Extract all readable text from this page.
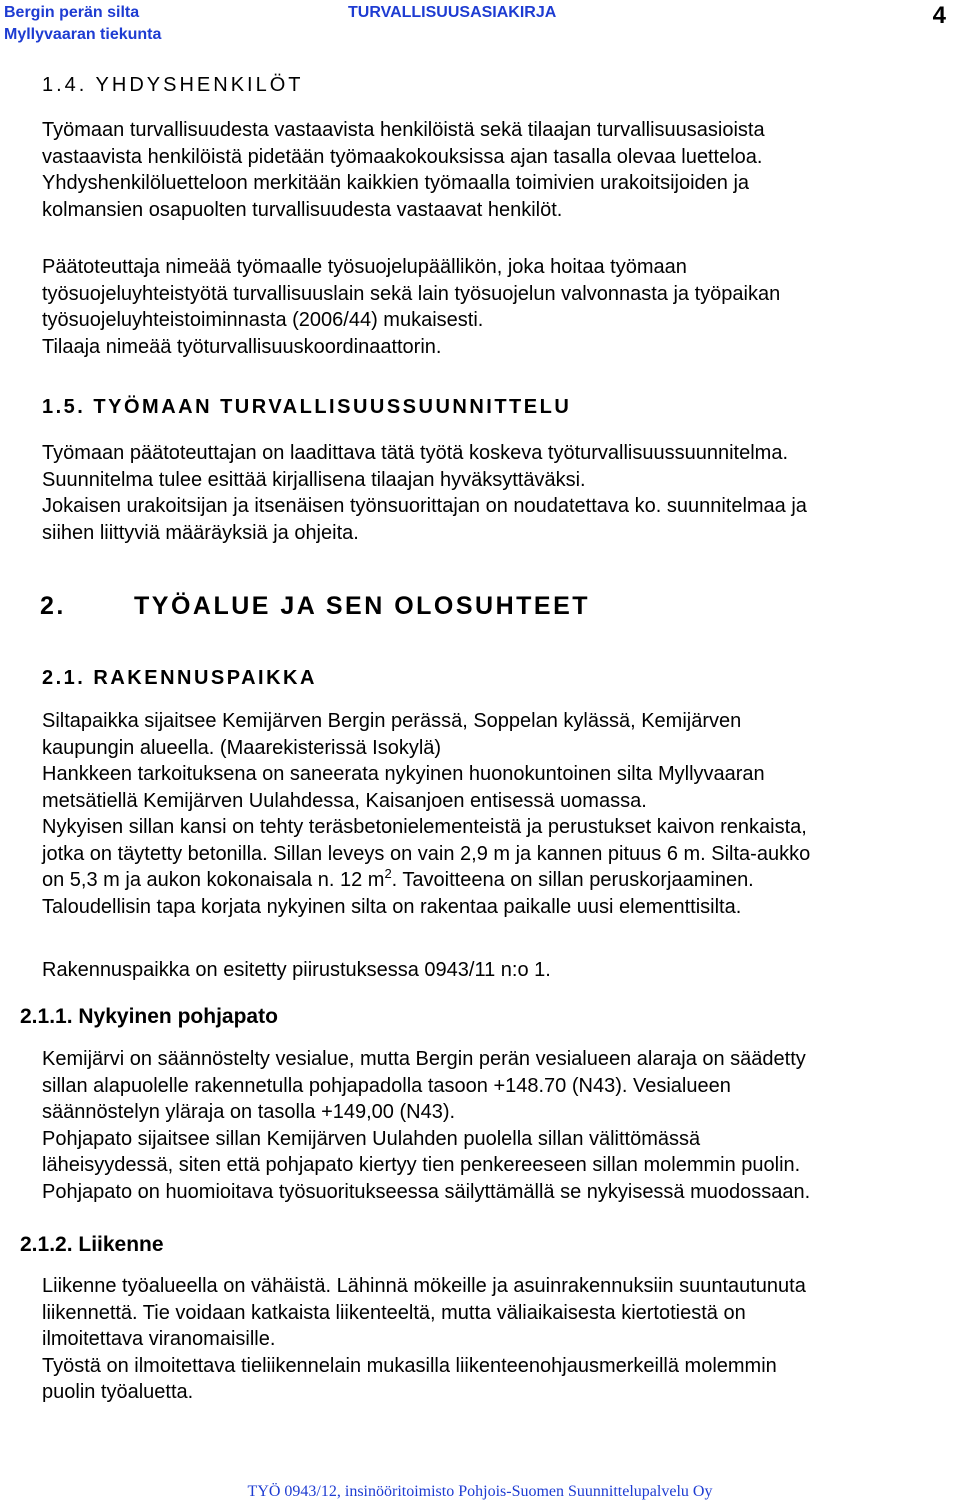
Bergin perän silta
Myllyvaaran tiekunta
TURVALLISUUSASIAKIRJA	4
1.4. YHDYSHENKILÖT
Työmaan turvallisuudesta vastaavista henkilöistä sekä tilaajan turvallisuusasioista
vastaavista henkilöistä pidetään työmaakokouksissa ajan tasalla olevaa luetteloa.
Yhdyshenkilöluetteloon merkitään kaikkien työmaalla toimivien urakoitsijoiden ja
kolmansien osapuolten turvallisuudesta vastaavat henkilöt.
Päätoteuttaja nimeää työmaalle työsuojelupäällikön, joka hoitaa työmaan
työsuojeluyhteistyötä turvallisuuslain sekä lain työsuojelun valvonnasta ja työpaikan
työsuojeluyhteistoiminnasta (2006/44) mukaisesti.
Tilaaja nimeää työturvallisuuskoordinaattorin.
1.5. TYÖMAAN TURVALLISUUSSUUNNITTELU
Työmaan päätoteuttajan on laadittava tätä työtä koskeva työturvallisuussuunnitelma.
Suunnitelma tulee esittää kirjallisena tilaajan hyväksyttäväksi.
Jokaisen urakoitsijan ja itsenäisen työnsuorittajan on noudatettava ko. suunnitelmaa ja
siihen liittyviä määräyksiä ja ohjeita.
2.	TYÖALUE JA SEN OLOSUHTEET
2.1. RAKENNUSPAIKKA
Siltapaikka sijaitsee Kemijärven Bergin perässä, Soppelan kylässä, Kemijärven
kaupungin alueella. (Maarekisterissä Isokylä)
Hankkeen tarkoituksena on saneerata nykyinen huonokuntoinen silta Myllyvaaran
metsätiellä Kemijärven Uulahdessa, Kaisanjoen entisessä uomassa.
Nykyisen sillan kansi on tehty teräsbetonielementeistä ja perustukset kaivon renkaista,
jotka on täytetty betonilla. Sillan leveys on vain 2,9 m ja kannen pituus 6 m. Silta-aukko
on 5,3 m ja aukon kokonaisala n. 12 $m^2$. Tavoitteena on sillan peruskorjaaminen.
Taloudellisin tapa korjata nykyinen silta on rakentaa paikalle uusi elementtisilta.
Rakennuspaikka on esitetty piirustuksessa 0943/11 n:o 1.
2.1.1. Nykyinen pohjapato
Kemijärvi on säännöstelty vesialue, mutta Bergin perän vesialueen alaraja on säädetty
sillan alapuolelle rakennetulla pohjapadolla tasoon +148.70 (N43). Vesialueen
säännöstelyn yläraja on tasolla +149,00 (N43).
Pohjapato sijaitsee sillan Kemijärven Uulahden puolella sillan välittömässä
läheisyydessä, siten että pohjapato kiertyy tien penkereeseen sillan molemmin puolin.
Pohjapato on huomioitava työsuoritukseessa säilyttämällä se nykyisessä muodossaan.
2.1.2. Liikenne
Liikenne työalueella on vähäistä. Lähinnä mökeille ja asuinrakennuksiin suuntautunuta
liikennettä. Tie voidaan katkaista liikenteeltä, mutta väliaikaisesta kiertotiestä on
ilmoitettava viranomaisille.
Työstä on ilmoitettava tieliikennelain mukasilla liikenteenohjausmerkeillä molemmin
puolin työaluetta.
TYÖ 0943/12, insinööritoimisto Pohjois-Suomen Suunnittelupalvelu Oy
